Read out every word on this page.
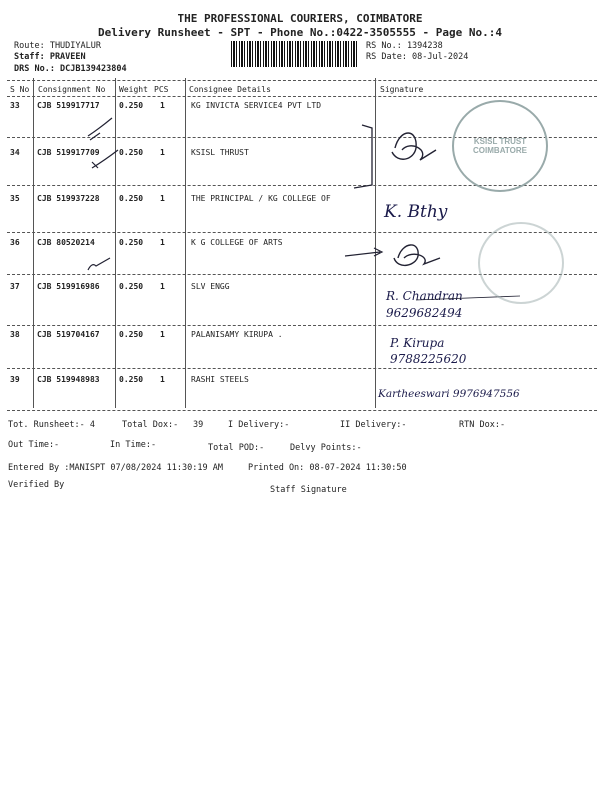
THE PROFESSIONAL COURIERS, COIMBATORE
Delivery Runsheet - SPT - Phone No.:0422-3505555 - Page No.:4
Route: THUDIYALUR
Staff: PRAVEEN
DRS No.: DCJB139423804
RS No.: 1394238
RS Date: 08-Jul-2024
S No Consignment No Weight PCS	Consignee Details	Signature
33 CJB 519917717 0.250 1	KG INVICTA SERVICE4 PVT LTD
34 CJB 519917709 0.250 1	KSISL THRUST
35 CJB 519937228 0.250 1	THE PRINCIPAL / KG COLLEGE OF
K. Bthy
36 CJB 80520214	0.250 1	K G COLLEGE OF ARTS
37 CJB 519916986 0.250 1	SLV ENGG
R. Chandran 9629682494
38 CJB 519704167 0.250 1	PALANISAMY KIRUPA .
P. Kirupa 9788225620
39 CJB 519948983 0.250 1	RASHI STEELS
Kartheeswari 9976947556
KSISL TRUST COIMBATORE
Tot. Runsheet:- 4	Total Dox:- 39	I Delivery:-	II Delivery:-	RTN Dox:-
Out Time:-	In Time:-	Total POD:-	Delvy Points:-
Entered By :MANISPT 07/08/2024 11:30:19 AM	Printed On: 08-07-2024 11:30:50
Verified By	Staff Signature
